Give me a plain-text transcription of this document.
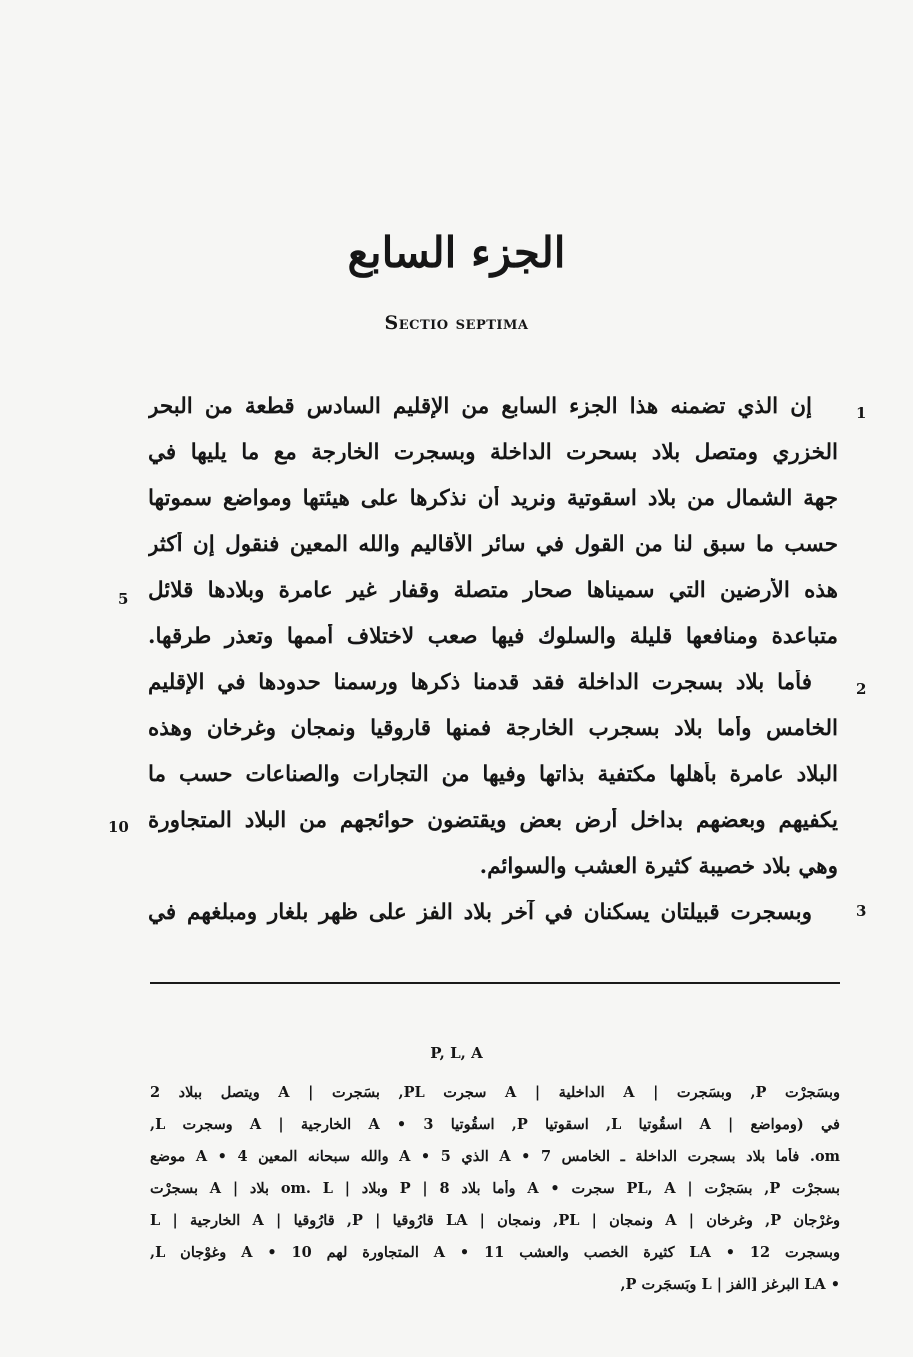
الجزء السابع
Sectio septima
إن الذي تضمنه هذا الجزء السابع من الإقليم السادس قطعة من البحر
الخزري ومتصل بلاد بسحرت الداخلة وبسجرت الخارجة مع ما يليها في
جهة الشمال من بلاد اسقوتية ونريد أن نذكرها على هيئتها ومواضع سموتها
حسب ما سبق لنا من القول في سائر الأقاليم والله المعين فنقول إن أكثر
هذه الأرضين التي سميناها صحار متصلة وقفار غير عامرة وبلادها قلائل
متباعدة ومنافعها قليلة والسلوك فيها صعب لاختلاف أممها وتعذر طرقها.
فأما بلاد بسجرت الداخلة فقد قدمنا ذكرها ورسمنا حدودها في الإقليم
الخامس وأما بلاد بسجرب الخارجة فمنها قاروقيا ونمجان وغرخان وهذه
البلاد عامرة بأهلها مكتفية بذاتها وفيها من التجارات والصناعات حسب ما
يكفيهم وبعضهم بداخل أرض بعض ويقتضون حوائجهم من البلاد المتجاورة
وهي بلاد خصيبة كثيرة العشب والسوائم.
وبسجرت قبيلتان يسكنان في آخر بلاد الفز على ظهر بلغار ومبلغهم في
1
5
2
10
3
P, L, A
وبسَجرْت P, وبسَجرت | A الداخلية | A سجرت PL, بسَجرت | A ويتصل ببلاد 2
في (ومواضع | A اسقُوتيا L, اسقوتيا P, اسقُوتيا 3 • A الخارجية | A وسجرت L,
om. فأما بلاد بسجرت الداخلة ـ الخامس 7 • A الذي 5 • A والله سبحانه المعين 4 • A موضع
بسجرْت P, بسَجرْت | PL, A سجرت • A وأما بلاد 8 | P وبلاد | om. L بلاد | A بسجرْت
وغرْجان P, وغرخان | A ونمجان | PL, ونمجان | LA قارُوقيا | P, قارُوقيا | A الخارجية | L
وبسجرت 12 • LA كثيرة الخصب والعشب 11 • A المتجاورة لهم 10 • A وغوْجان L,
• LA البرغز [الفز | L وبَسجَرت P,
